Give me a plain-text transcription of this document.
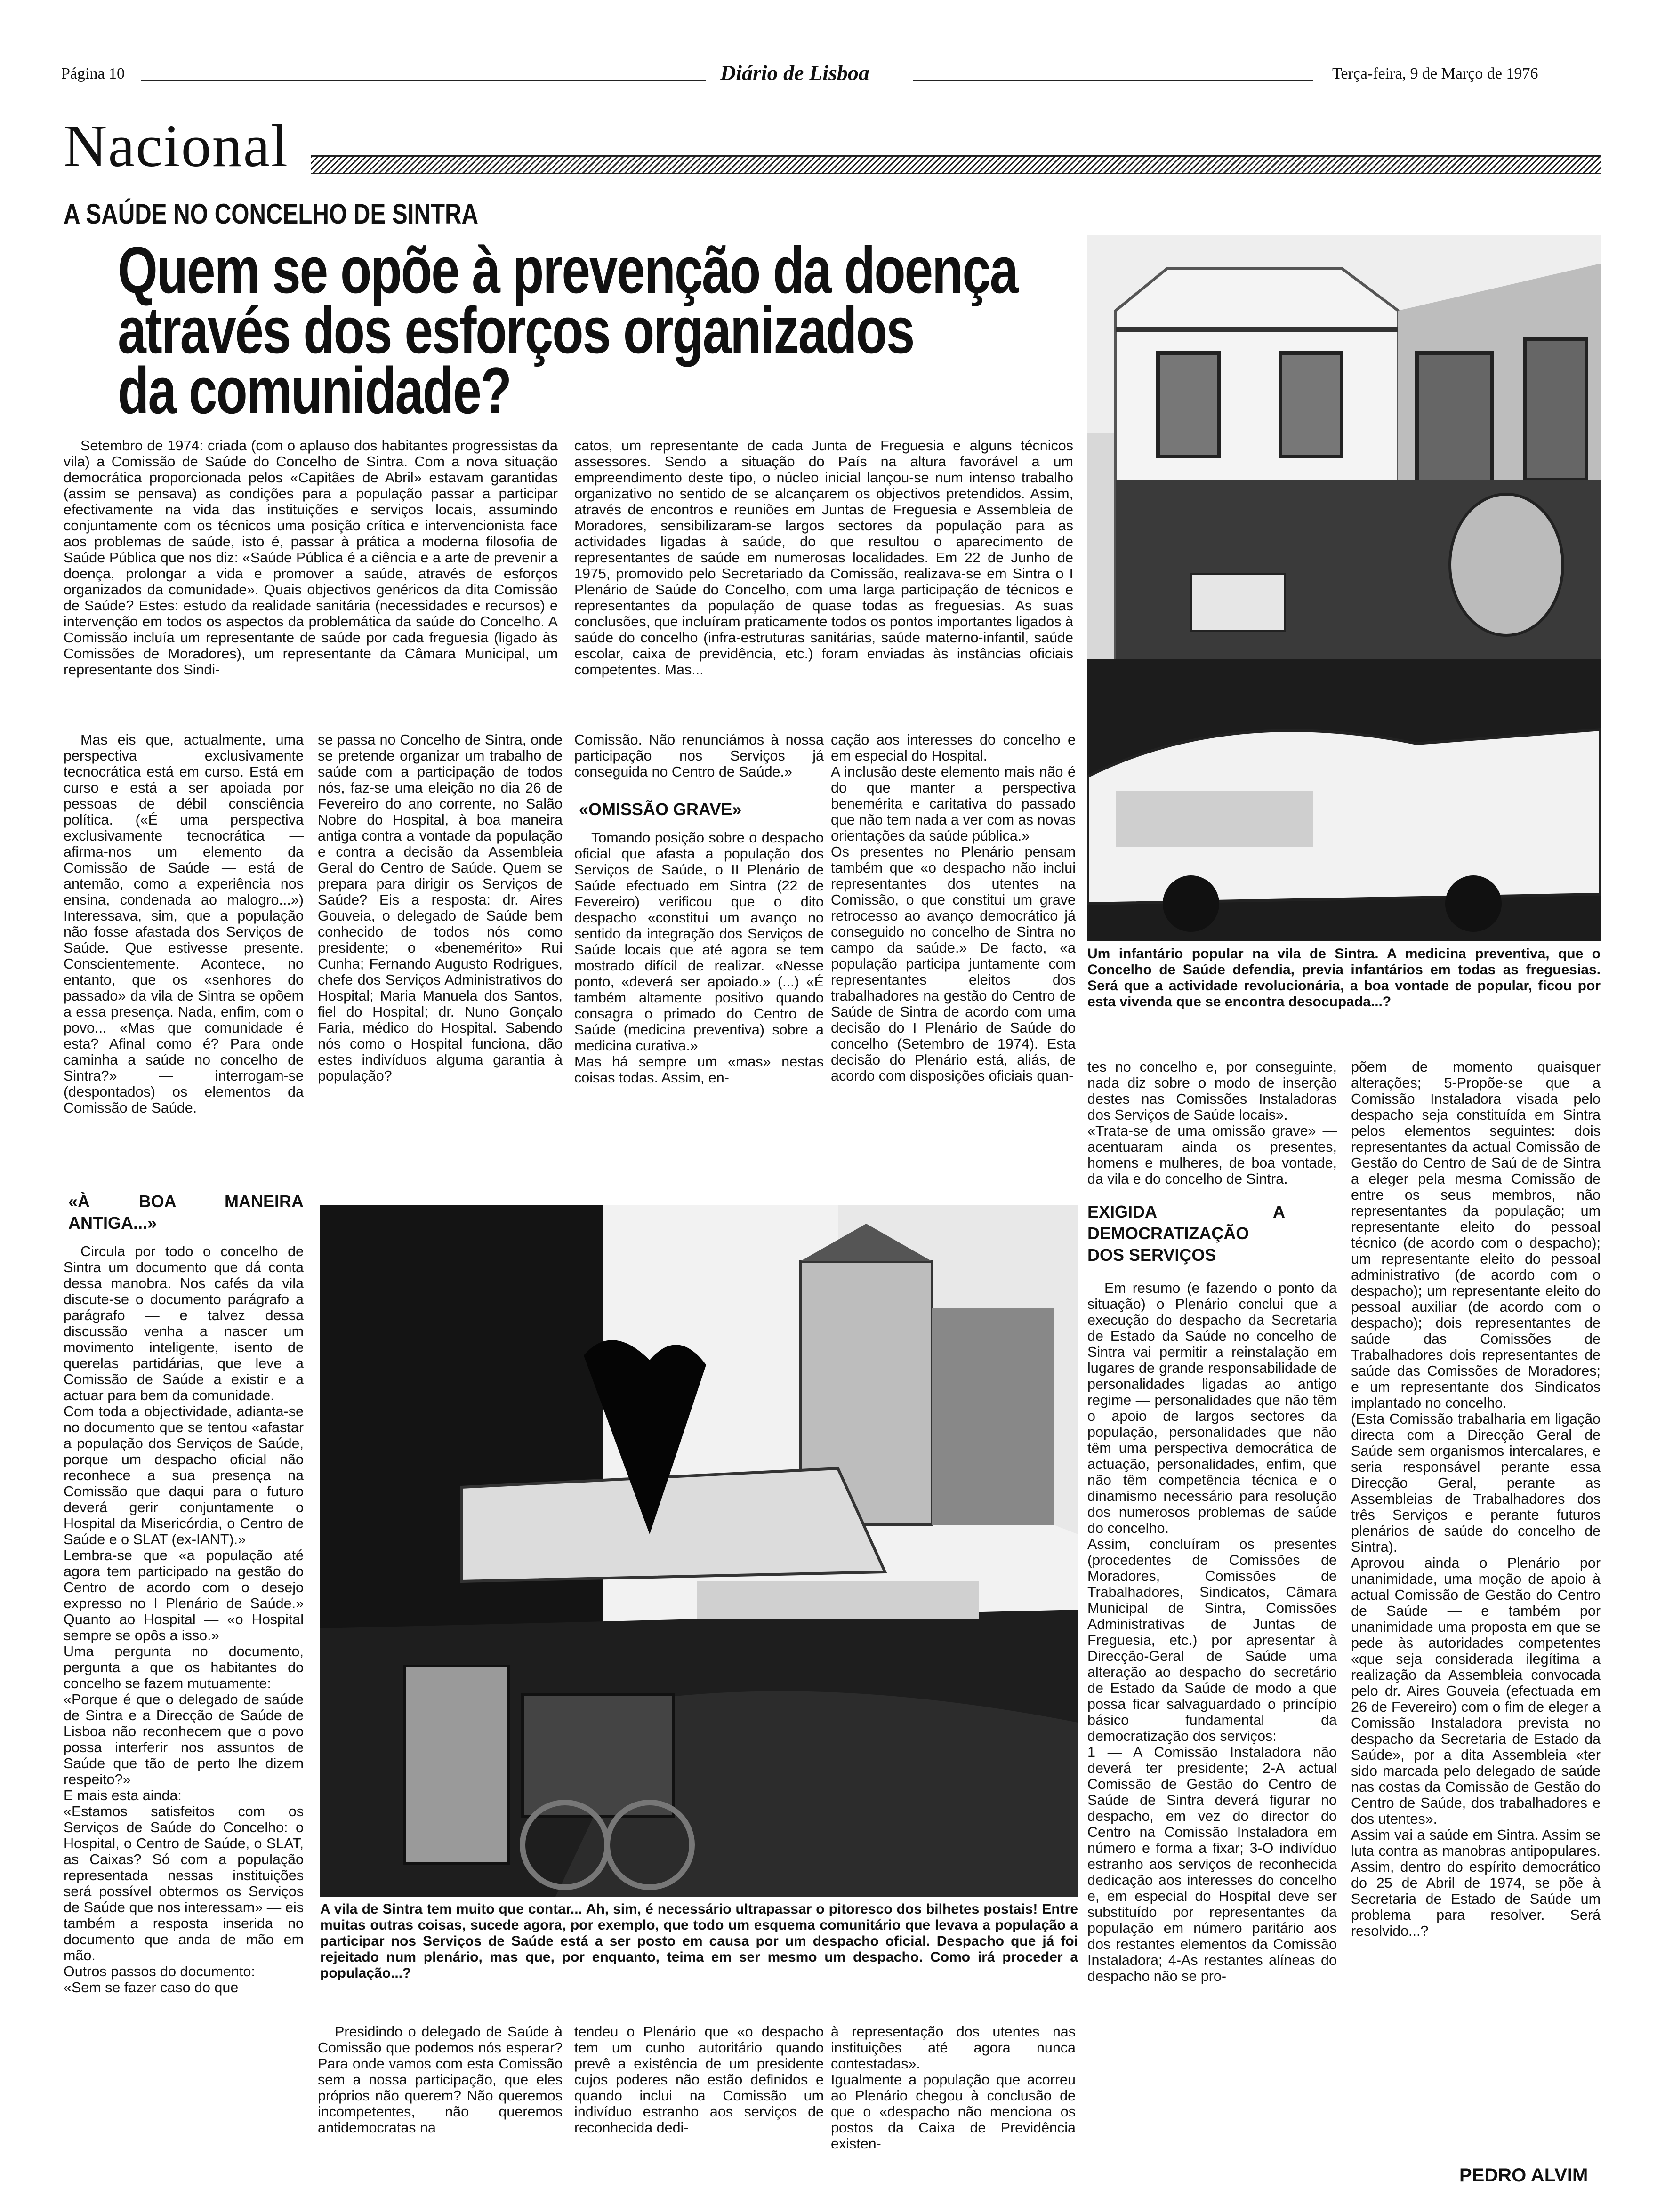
Página 10	Diário de Lisboa	Terça-feira, 9 de Março de 1976
Nacional
A SAÚDE NO CONCELHO DE SINTRA
Quem se opõe à prevenção da doença
através dos esforços organizados
da comunidade?

Setembro de 1974: criada (com o aplauso dos habitantes progressistas da vila) a Comissão de Saúde do Concelho de Sintra. Com a nova situação democrática proporcionada pelos «Capitães de Abril» estavam garantidas (assim se pensava) as condições para a população passar a participar efectivamente na vida das instituições e serviços locais, assumindo conjuntamente com os técnicos uma posição crítica e intervencionista face aos problemas de saúde, isto é, passar à prática a moderna filosofia de Saúde Pública que nos diz: «Saúde Pública é a ciência e a arte de prevenir a doença, prolongar a vida e promover a saúde, através de esforços organizados da comunidade». Quais objectivos genéricos da dita Comissão de Saúde? Estes: estudo da realidade sanitária (necessidades e recursos) e intervenção em todos os aspectos da problemática da saúde do Concelho. A Comissão incluía um representante de saúde por cada freguesia (ligado às Comissões de Moradores), um representante da Câmara Municipal, um representante dos Sindi-

catos, um representante de cada Junta de Freguesia e alguns técnicos assessores. Sendo a situação do País na altura favorável a um empreendimento deste tipo, o núcleo inicial lançou-se num intenso trabalho organizativo no sentido de se alcançarem os objectivos pretendidos. Assim, através de encontros e reuniões em Juntas de Freguesia e Assembleia de Moradores, sensibilizaram-se largos sectores da população para as actividades ligadas à saúde, do que resultou o aparecimento de representantes de saúde em numerosas localidades. Em 22 de Junho de 1975, promovido pelo Secretariado da Comissão, realizava-se em Sintra o I Plenário de Saúde do Concelho, com uma larga participação de técnicos e representantes da população de quase todas as freguesias. As suas conclusões, que incluíram praticamente todos os pontos importantes ligados à saúde do concelho (infra-estruturas sanitárias, saúde materno-infantil, saúde escolar, caixa de previdência, etc.) foram enviadas às instâncias oficiais competentes. Mas...

Um infantário popular na vila de Sintra. A medicina preventiva, que o Concelho de Saúde defendia, previa infantários em todas as freguesias. Será que a actividade revolucionária, a boa vontade de popular, ficou por esta vivenda que se encontra desocupada...?

Mas eis que, actualmente, uma perspectiva exclusivamente tecnocrática está em curso. Está em curso e está a ser apoiada por pessoas de débil consciência política. («É uma perspectiva exclusivamente tecnocrática — afirma-nos um elemento da Comissão de Saúde — está de antemão, como a experiência nos ensina, condenada ao malogro...») Interessava, sim, que a população não fosse afastada dos Serviços de Saúde. Que estivesse presente. Conscientemente. Acontece, no entanto, que os «senhores do passado» da vila de Sintra se opõem a essa presença. Nada, enfim, com o povo... «Mas que comunidade é esta? Afinal como é? Para onde caminha a saúde no concelho de Sintra?» — interrogam-se (despontados) os elementos da Comissão de Saúde.

se passa no Concelho de Sintra, onde se pretende organizar um trabalho de saúde com a participação de todos nós, faz-se uma eleição no dia 26 de Fevereiro do ano corrente, no Salão Nobre do Hospital, à boa maneira antiga contra a vontade da população e contra a decisão da Assembleia Geral do Centro de Saúde. Quem se prepara para dirigir os Serviços de Saúde? Eis a resposta: dr. Aires Gouveia, o delegado de Saúde bem conhecido de todos nós como presidente; o «benemérito» Rui Cunha; Fernando Augusto Rodrigues, chefe dos Serviços Administrativos do Hospital; Maria Manuela dos Santos, fiel do Hospital; dr. Nuno Gonçalo Faria, médico do Hospital. Sabendo nós como o Hospital funciona, dão estes indivíduos alguma garantia à população?

Comissão. Não renunciámos à nossa participação nos Serviços já conseguida no Centro de Saúde.»

«OMISSÃO GRAVE»

Tomando posição sobre o despacho oficial que afasta a população dos Serviços de Saúde, o II Plenário de Saúde efectuado em Sintra (22 de Fevereiro) verificou que o dito despacho «constitui um avanço no sentido da integração dos Serviços de Saúde locais que até agora se tem mostrado difícil de realizar. «Nesse ponto, «deverá ser apoiado.» (...) «É também altamente positivo quando consagra o primado do Centro de Saúde (medicina preventiva) sobre a medicina curativa.»
Mas há sempre um «mas» nestas coisas todas. Assim, en-

cação aos interesses do concelho e em especial do Hospital.
A inclusão deste elemento mais não é do que manter a perspectiva benemérita e caritativa do passado que não tem nada a ver com as novas orientações da saúde pública.»
Os presentes no Plenário pensam também que «o despacho não inclui representantes dos utentes na Comissão, o que constitui um grave retrocesso ao avanço democrático já conseguido no concelho de Sintra no campo da saúde.» De facto, «a população participa juntamente com representantes eleitos dos trabalhadores na gestão do Centro de Saúde de Sintra de acordo com uma decisão do I Plenário de Saúde do concelho (Setembro de 1974). Esta decisão do Plenário está, aliás, de acordo com disposições oficiais quan-

«À BOA MANEIRA ANTIGA...»

Circula por todo o concelho de Sintra um documento que dá conta dessa manobra. Nos cafés da vila discute-se o documento parágrafo a parágrafo — e talvez dessa discussão venha a nascer um movimento inteligente, isento de querelas partidárias, que leve a Comissão de Saúde a existir e a actuar para bem da comunidade.
Com toda a objectividade, adianta-se no documento que se tentou «afastar a população dos Serviços de Saúde, porque um despacho oficial não reconhece a sua presença na Comissão que daqui para o futuro deverá gerir conjuntamente o Hospital da Misericórdia, o Centro de Saúde e o SLAT (ex-IANT).»
Lembra-se que «a população até agora tem participado na gestão do Centro de acordo com o desejo expresso no I Plenário de Saúde.» Quanto ao Hospital — «o Hospital sempre se opôs a isso.»
Uma pergunta no documento, pergunta a que os habitantes do concelho se fazem mutuamente:
«Porque é que o delegado de saúde de Sintra e a Direcção de Saúde de Lisboa não reconhecem que o povo possa interferir nos assuntos de Saúde que tão de perto lhe dizem respeito?»
E mais esta ainda:
«Estamos satisfeitos com os Serviços de Saúde do Concelho: o Hospital, o Centro de Saúde, o SLAT, as Caixas? Só com a população representada nessas instituições será possível obtermos os Serviços de Saúde que nos interessam» — eis também a resposta inserida no documento que anda de mão em mão.
Outros passos do documento:
«Sem se fazer caso do que

A vila de Sintra tem muito que contar... Ah, sim, é necessário ultrapassar o pitoresco dos bilhetes postais! Entre muitas outras coisas, sucede agora, por exemplo, que todo um esquema comunitário que levava a população a participar nos Serviços de Saúde está a ser posto em causa por um despacho oficial. Despacho que já foi rejeitado num plenário, mas que, por enquanto, teima em ser mesmo um despacho. Como irá proceder a população...?

Presidindo o delegado de Saúde à Comissão que podemos nós esperar? Para onde vamos com esta Comissão sem a nossa participação, que eles próprios não querem? Não queremos incompetentes, não queremos antidemocratas na

tendeu o Plenário que «o despacho tem um cunho autoritário quando prevê a existência de um presidente cujos poderes não estão definidos e quando inclui na Comissão um indivíduo estranho aos serviços de reconhecida dedi-

à representação dos utentes nas instituições até agora nunca contestadas».
Igualmente a população que acorreu ao Plenário chegou à conclusão de que o «despacho não menciona os postos da Caixa de Previdência existen-

tes no concelho e, por conseguinte, nada diz sobre o modo de inserção destes nas Comissões Instaladoras dos Serviços de Saúde locais».
«Trata-se de uma omissão grave» — acentuaram ainda os presentes, homens e mulheres, de boa vontade, da vila e do concelho de Sintra.

EXIGIDA A DEMOCRATIZAÇÃO DOS SERVIÇOS

Em resumo (e fazendo o ponto da situação) o Plenário conclui que a execução do despacho da Secretaria de Estado da Saúde no concelho de Sintra vai permitir a reinstalação em lugares de grande responsabilidade de personalidades ligadas ao antigo regime — personalidades que não têm o apoio de largos sectores da população, personalidades que não têm uma perspectiva democrática de actuação, personalidades, enfim, que não têm competência técnica e o dinamismo necessário para resolução dos numerosos problemas de saúde do concelho.
Assim, concluíram os presentes (procedentes de Comissões de Moradores, Comissões de Trabalhadores, Sindicatos, Câmara Municipal de Sintra, Comissões Administrativas de Juntas de Freguesia, etc.) por apresentar à Direcção-Geral de Saúde uma alteração ao despacho do secretário de Estado da Saúde de modo a que possa ficar salvaguardado o princípio básico fundamental da democratização dos serviços:
1 — A Comissão Instaladora não deverá ter presidente; 2-A actual Comissão de Gestão do Centro de Saúde de Sintra deverá figurar no despacho, em vez do director do Centro na Comissão Instaladora em número e forma a fixar; 3-O indivíduo estranho aos serviços de reconhecida dedicação aos interesses do concelho e, em especial do Hospital deve ser substituído por representantes da população em número paritário aos dos restantes elementos da Comissão Instaladora; 4-As restantes alíneas do despacho não se pro-

põem de momento quaisquer alterações; 5-Propõe-se que a Comissão Instaladora visada pelo despacho seja constituída em Sintra pelos elementos seguintes: dois representantes da actual Comissão de Gestão do Centro de Saú de de Sintra a eleger pela mesma Comissão de entre os seus membros, não representantes da população; um representante eleito do pessoal técnico (de acordo com o despacho); um representante eleito do pessoal administrativo (de acordo com o despacho); um representante eleito do pessoal auxiliar (de acordo com o despacho); dois representantes de saúde das Comissões de Trabalhadores dois representantes de saúde das Comissões de Moradores; e um representante dos Sindicatos implantado no concelho.
(Esta Comissão trabalharia em ligação directa com a Direcção Geral de Saúde sem organismos intercalares, e seria responsável perante essa Direcção Geral, perante as Assembleias de Trabalhadores dos três Serviços e perante futuros plenários de saúde do concelho de Sintra).
Aprovou ainda o Plenário por unanimidade, uma moção de apoio à actual Comissão de Gestão do Centro de Saúde — e também por unanimidade uma proposta em que se pede às autoridades competentes «que seja considerada ilegítima a realização da Assembleia convocada pelo dr. Aires Gouveia (efectuada em 26 de Fevereiro) com o fim de eleger a Comissão Instaladora prevista no despacho da Secretaria de Estado da Saúde», por a dita Assembleia «ter sido marcada pelo delegado de saúde nas costas da Comissão de Gestão do Centro de Saúde, dos trabalhadores e dos utentes».
Assim vai a saúde em Sintra. Assim se luta contra as manobras antipopulares. Assim, dentro do espírito democrático do 25 de Abril de 1974, se põe à Secretaria de Estado de Saúde um problema para resolver. Será resolvido...?

PEDRO ALVIM
